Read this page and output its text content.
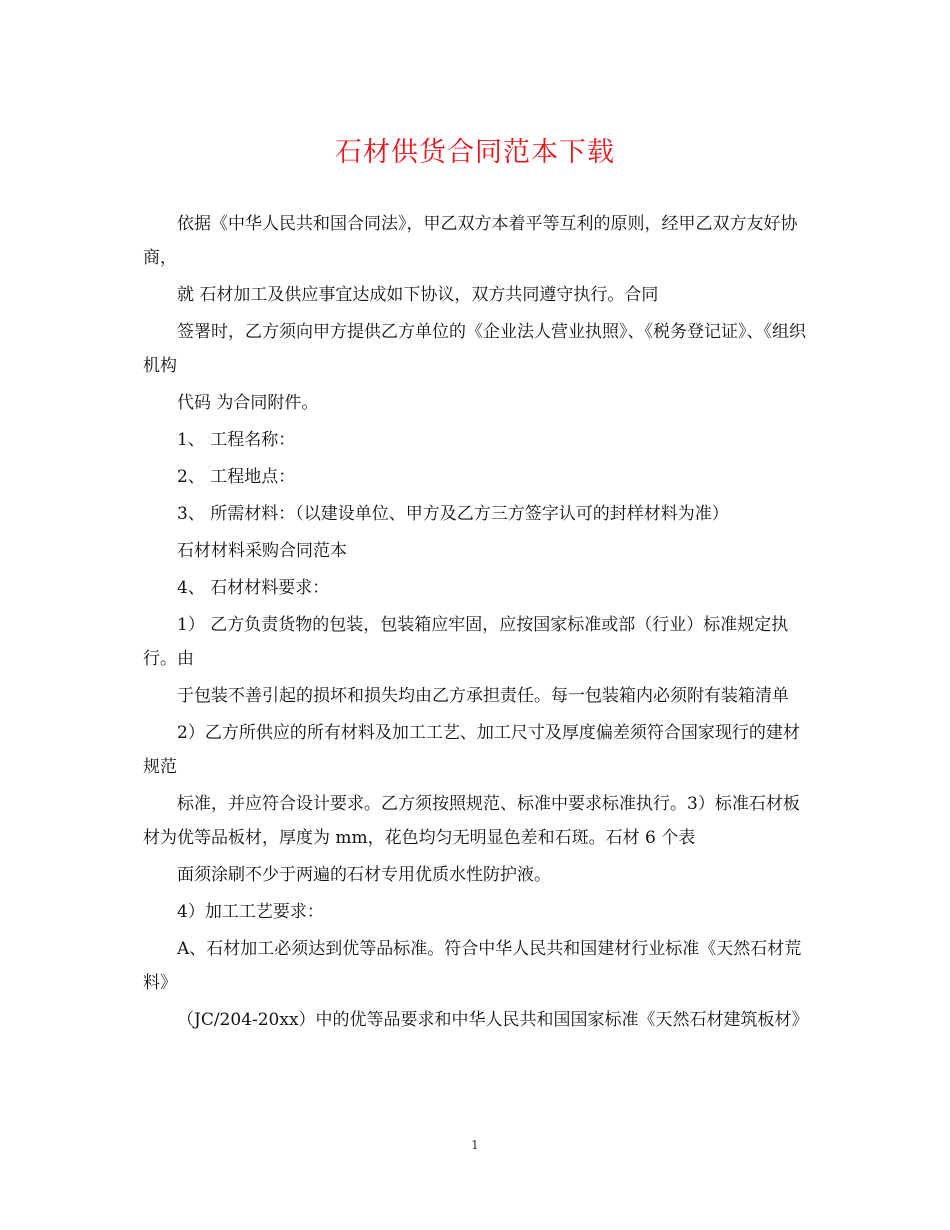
石材供货合同范本下载

依据《中华人民共和国合同法》，甲乙双方本着平等互利的原则，经甲乙双方友好协商，

就 石材加工及供应事宜达成如下协议，双方共同遵守执行。合同

签署时，乙方须向甲方提供乙方单位的《企业法人营业执照》、《税务登记证》、《组织机构

代码 为合同附件。

1、 工程名称：

2、 工程地点：

3、 所需材料：（以建设单位、甲方及乙方三方签字认可的封样材料为准）

石材材料采购合同范本

4、 石材材料要求：

1） 乙方负责货物的包装，包装箱应牢固，应按国家标准或部（行业）标准规定执行。由

于包装不善引起的损坏和损失均由乙方承担责任。每一包装箱内必须附有装箱清单

2）乙方所供应的所有材料及加工工艺、加工尺寸及厚度偏差须符合国家现行的建材规范

标准，并应符合设计要求。乙方须按照规范、标准中要求标准执行。3）标准石材板材为优等品板材，厚度为 mm，花色均匀无明显色差和石斑。石材 6 个表

面须涂刷不少于两遍的石材专用优质水性防护液。

4）加工工艺要求：

A、石材加工必须达到优等品标准。符合中华人民共和国建材行业标准《天然石材荒料》

（JC/204-20xx）中的优等品要求和中华人民共和国国家标准《天然石材建筑板材》

1
